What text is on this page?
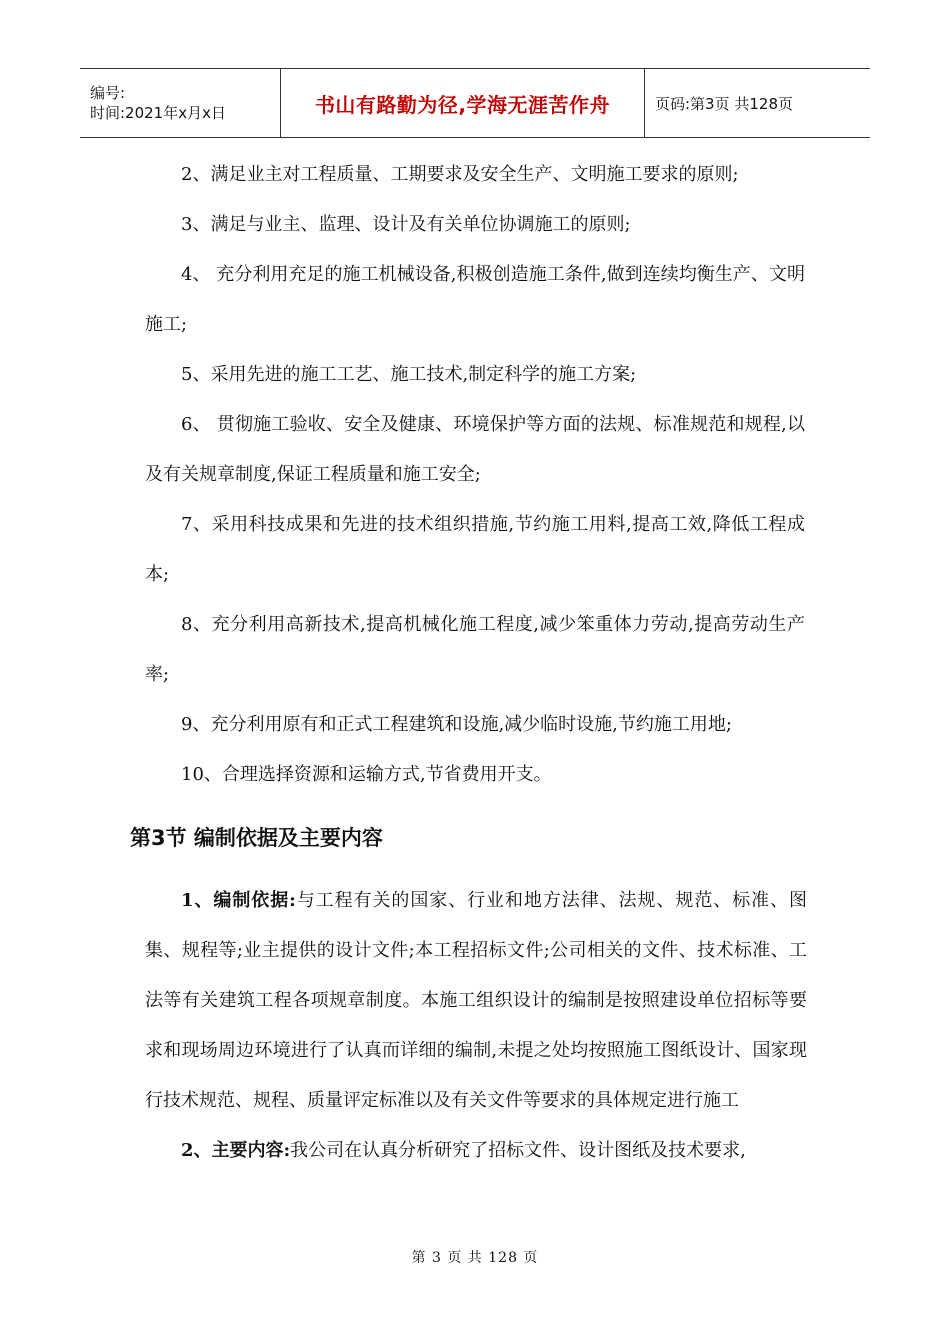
编号:
时间:2021年x月x日	书山有路勤为径,学海无涯苦作舟	页码:第3页 共128页

2、满足业主对工程质量、工期要求及安全生产、文明施工要求的原则;

3、满足与业主、监理、设计及有关单位协调施工的原则;

4、 充分利用充足的施工机械设备,积极创造施工条件,做到连续均衡生产、文明施工;

5、采用先进的施工工艺、施工技术,制定科学的施工方案;

6、 贯彻施工验收、安全及健康、环境保护等方面的法规、标准规范和规程,以及有关规章制度,保证工程质量和施工安全;

7、采用科技成果和先进的技术组织措施,节约施工用料,提高工效,降低工程成本;

8、充分利用高新技术,提高机械化施工程度,减少笨重体力劳动,提高劳动生产率;

9、充分利用原有和正式工程建筑和设施,减少临时设施,节约施工用地;

10、合理选择资源和运输方式,节省费用开支。

第3节 编制依据及主要内容

1、编制依据:与工程有关的国家、行业和地方法律、法规、规范、标准、图集、规程等;业主提供的设计文件;本工程招标文件;公司相关的文件、技术标准、工法等有关建筑工程各项规章制度。本施工组织设计的编制是按照建设单位招标等要求和现场周边环境进行了认真而详细的编制,未提之处均按照施工图纸设计、国家现行技术规范、规程、质量评定标准以及有关文件等要求的具体规定进行施工

2、主要内容:我公司在认真分析研究了招标文件、设计图纸及技术要求,

第 3 页 共 128 页
